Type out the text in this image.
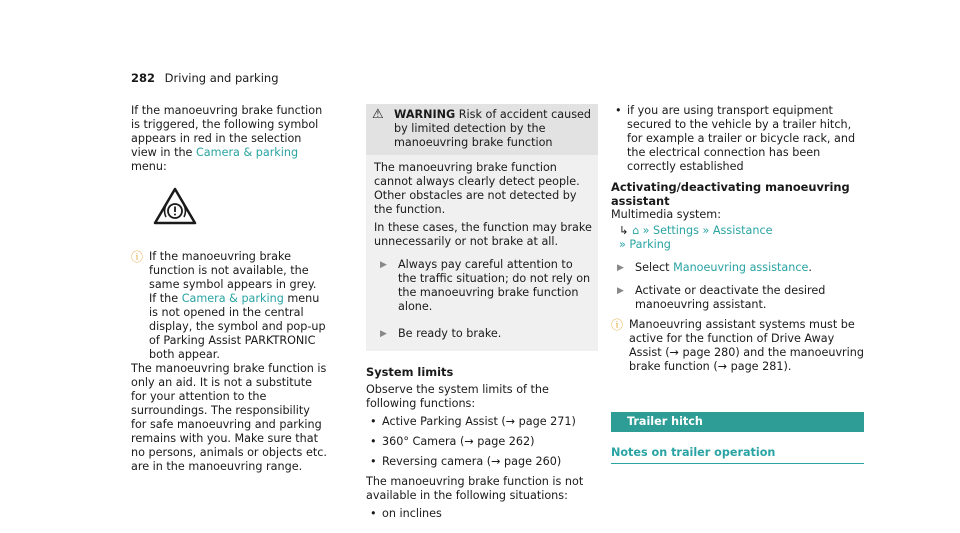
282 Driving and parking

If the manoeuvring brake function is triggered, the following symbol appears in red in the selection view in the Camera & parking menu:

ⓘ If the manoeuvring brake function is not available, the same symbol appears in grey. If the Camera & parking menu is not opened in the central display, the symbol and pop-up of Parking Assist PARKTRONIC both appear.

The manoeuvring brake function is only an aid. It is not a substitute for your attention to the surroundings. The responsibility for safe manoeuvring and parking remains with you. Make sure that no persons, animals or objects etc. are in the manoeuvring range.

⚠ WARNING Risk of accident caused by limited detection by the manoeuvring brake function

The manoeuvring brake function cannot always clearly detect people. Other obstacles are not detected by the function.

In these cases, the function may brake unnecessarily or not brake at all.

▶ Always pay careful attention to the traffic situation; do not rely on the manoeuvring brake function alone.

▶ Be ready to brake.

System limits

Observe the system limits of the following functions:

• Active Parking Assist (→ page 271)
• 360° Camera (→ page 262)
• Reversing camera (→ page 260)

The manoeuvring brake function is not available in the following situations:

• on inclines
• if you are using transport equipment secured to the vehicle by a trailer hitch, for example a trailer or bicycle rack, and the electrical connection has been correctly established
Activating/deactivating manoeuvring assistant

Multimedia system:

↳ ⌂ » Settings » Assistance
» Parking
▶ Select Manoeuvring assistance.

▶ Activate or deactivate the desired manoeuvring assistant.

ⓘ Manoeuvring assistant systems must be active for the function of Drive Away Assist (→ page 280) and the manoeuvring brake function (→ page 281).

Trailer hitch
Notes on trailer operation
